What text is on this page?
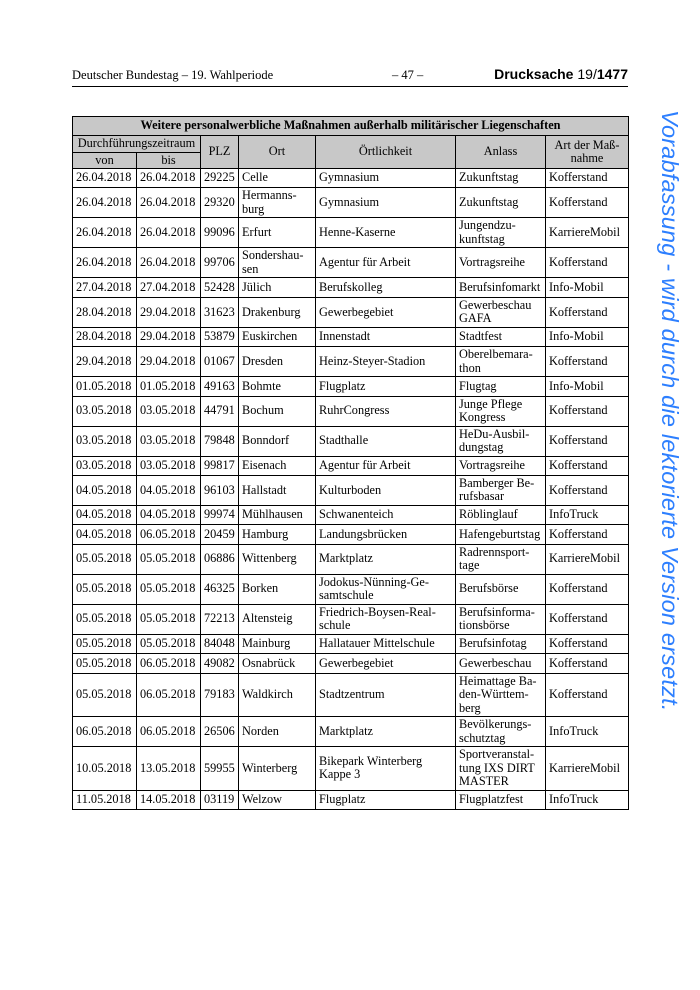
Deutscher Bundestag – 19. Wahlperiode	– 47 –	Drucksache 19/1477
Weitere personalwerbliche Maßnahmen außerhalb militärischer Liegenschaften						
Durchführungszeitraum		PLZ	Ort	Örtlichkeit	Anlass	Art der Maß-nahme
von	bis					
26.04.2018	26.04.2018	29225	Celle	Gymnasium	Zukunftstag	Kofferstand
26.04.2018	26.04.2018	29320	Hermanns-burg	Gymnasium	Zukunftstag	Kofferstand
26.04.2018	26.04.2018	99096	Erfurt	Henne-Kaserne	Jungendzu-kunftstag	KarriereMobil
26.04.2018	26.04.2018	99706	Sondershau-sen	Agentur für Arbeit	Vortragsreihe	Kofferstand
27.04.2018	27.04.2018	52428	Jülich	Berufskolleg	Berufsinfomarkt	Info-Mobil
28.04.2018	29.04.2018	31623	Drakenburg	Gewerbegebiet	Gewerbeschau GAFA	Kofferstand
28.04.2018	29.04.2018	53879	Euskirchen	Innenstadt	Stadtfest	Info-Mobil
29.04.2018	29.04.2018	01067	Dresden	Heinz-Steyer-Stadion	Oberelbemara-thon	Kofferstand
01.05.2018	01.05.2018	49163	Bohmte	Flugplatz	Flugtag	Info-Mobil
03.05.2018	03.05.2018	44791	Bochum	RuhrCongress	Junge Pflege Kongress	Kofferstand
03.05.2018	03.05.2018	79848	Bonndorf	Stadthalle	HeDu-Ausbil-dungstag	Kofferstand
03.05.2018	03.05.2018	99817	Eisenach	Agentur für Arbeit	Vortragsreihe	Kofferstand
04.05.2018	04.05.2018	96103	Hallstadt	Kulturboden	Bamberger Be-rufsbasar	Kofferstand
04.05.2018	04.05.2018	99974	Mühlhausen	Schwanenteich	Röblinglauf	InfoTruck
04.05.2018	06.05.2018	20459	Hamburg	Landungsbrücken	Hafengeburtstag	Kofferstand
05.05.2018	05.05.2018	06886	Wittenberg	Marktplatz	Radrennsport-tage	KarriereMobil
05.05.2018	05.05.2018	46325	Borken	Jodokus-Nünning-Ge-samtschule	Berufsbörse	Kofferstand
05.05.2018	05.05.2018	72213	Altensteig	Friedrich-Boysen-Real-schule	Berufsinforma-tionsbörse	Kofferstand
05.05.2018	05.05.2018	84048	Mainburg	Hallatauer Mittelschule	Berufsinfotag	Kofferstand
05.05.2018	06.05.2018	49082	Osnabrück	Gewerbegebiet	Gewerbeschau	Kofferstand
05.05.2018	06.05.2018	79183	Waldkirch	Stadtzentrum	Heimattage Ba-den-Württem-berg	Kofferstand
06.05.2018	06.05.2018	26506	Norden	Marktplatz	Bevölkerungs-schutztag	InfoTruck
10.05.2018	13.05.2018	59955	Winterberg	Bikepark Winterberg Kappe 3	Sportveranstal-tung IXS DIRT MASTER	KarriereMobil
11.05.2018	14.05.2018	03119	Welzow	Flugplatz	Flugplatzfest	InfoTruck
Vorabfassung - wird durch die lektorierte Version ersetzt.
